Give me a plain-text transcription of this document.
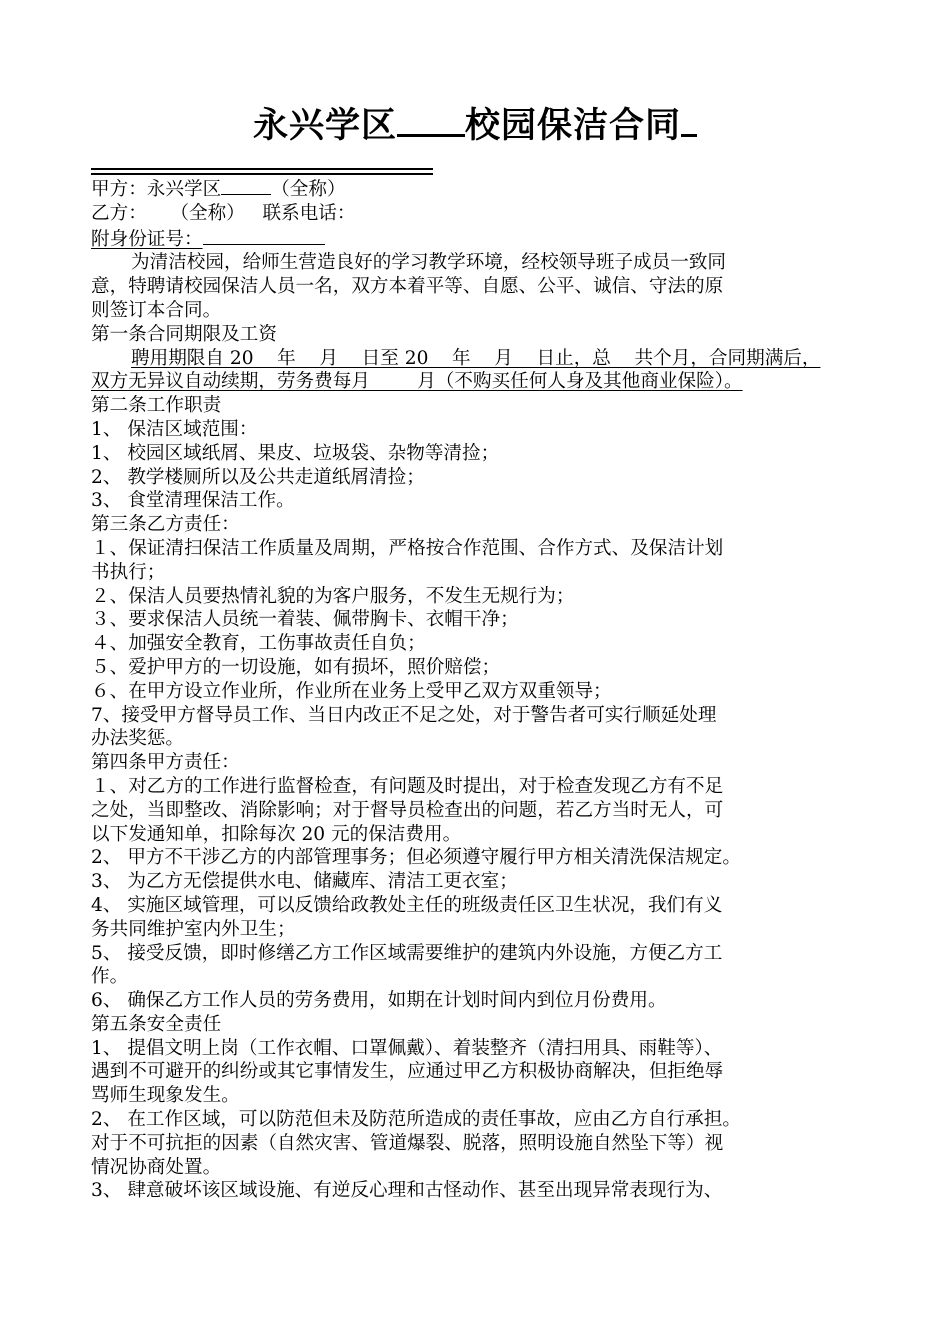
永兴学区 校园保洁合同

甲方：永兴学区	（全称）

乙方：    （全称）   联系电话：

附身份证号：

为清洁校园，给师生营造良好的学习教学环境，经校领导班子成员一致同

意，特聘请校园保洁人员一名，双方本着平等、自愿、公平、诚信、守法的原

则签订本合同。

第一条合同期限及工资

聘用期限自 20    年    月    日至 20    年    月    日止，总    共个月，合同期满后，

双方无异议自动续期，劳务费每月        月（不购买任何人身及其他商业保险）。

第二条工作职责

1、 保洁区域范围：

1、 校园区域纸屑、果皮、垃圾袋、杂物等清捡；

2、 教学楼厕所以及公共走道纸屑清捡；

3、 食堂清理保洁工作。

第三条乙方责任：

１、保证清扫保洁工作质量及周期，严格按合作范围、合作方式、及保洁计划

书执行；

２、保洁人员要热情礼貌的为客户服务，不发生无规行为；

３、要求保洁人员统一着装、佩带胸卡、衣帽干净；

４、加强安全教育，工伤事故责任自负；

５、爱护甲方的一切设施，如有损坏，照价赔偿；

６、在甲方设立作业所，作业所在业务上受甲乙双方双重领导；

7、接受甲方督导员工作、当日内改正不足之处，对于警告者可实行顺延处理

办法奖惩。

第四条甲方责任：

１、对乙方的工作进行监督检查，有问题及时提出，对于检查发现乙方有不足

之处，当即整改、消除影响；对于督导员检查出的问题，若乙方当时无人，可

以下发通知单，扣除每次 20 元的保洁费用。

2、 甲方不干涉乙方的内部管理事务；但必须遵守履行甲方相关清洗保洁规定。

3、 为乙方无偿提供水电、储藏库、清洁工更衣室；

4、 实施区域管理，可以反馈给政教处主任的班级责任区卫生状况，我们有义

务共同维护室内外卫生；

5、 接受反馈，即时修缮乙方工作区域需要维护的建筑内外设施，方便乙方工

作。

6、 确保乙方工作人员的劳务费用，如期在计划时间内到位月份费用。

第五条安全责任

1、 提倡文明上岗（工作衣帽、口罩佩戴）、着装整齐（清扫用具、雨鞋等）、

遇到不可避开的纠纷或其它事情发生，应通过甲乙方积极协商解决，但拒绝辱

骂师生现象发生。

2、 在工作区域，可以防范但未及防范所造成的责任事故，应由乙方自行承担。

对于不可抗拒的因素（自然灾害、管道爆裂、脱落，照明设施自然坠下等）视

情况协商处置。

3、 肆意破坏该区域设施、有逆反心理和古怪动作、甚至出现异常表现行为、
